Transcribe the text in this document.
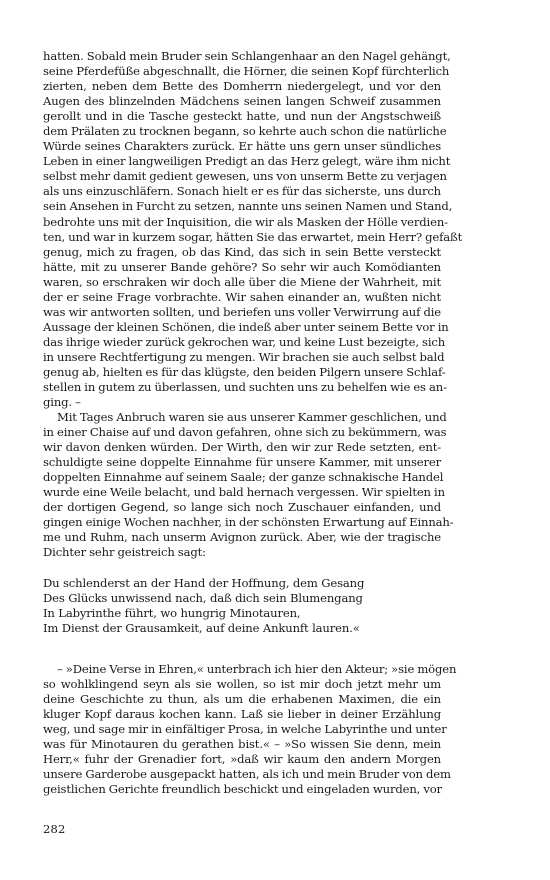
hatten. Sobald mein Bruder sein Schlangenhaar an den Nagel gehängt,
seine Pferdefüße abgeschnallt, die Hörner, die seinen Kopf fürchterlich
zierten, neben dem Bette des Domherrn niedergelegt, und vor den
Augen des blinzelnden Mädchens seinen langen Schweif zusammen
gerollt und in die Tasche gesteckt hatte, und nun der Angstschweiß
dem Prälaten zu trocknen begann, so kehrte auch schon die natürliche
Würde seines Charakters zurück. Er hätte uns gern unser sündliches
Leben in einer langweiligen Predigt an das Herz gelegt, wäre ihm nicht
selbst mehr damit gedient gewesen, uns von unserm Bette zu verjagen
als uns einzuschläfern. Sonach hielt er es für das sicherste, uns durch
sein Ansehen in Furcht zu setzen, nannte uns seinen Namen und Stand,
bedrohte uns mit der Inquisition, die wir als Masken der Hölle verdien-
ten, und war in kurzem sogar, hätten Sie das erwartet, mein Herr? gefaßt
genug, mich zu fragen, ob das Kind, das sich in sein Bette versteckt
hätte, mit zu unserer Bande gehöre? So sehr wir auch Komödianten
waren, so erschraken wir doch alle über die Miene der Wahrheit, mit
der er seine Frage vorbrachte. Wir sahen einander an, wußten nicht
was wir antworten sollten, und beriefen uns voller Verwirrung auf die
Aussage der kleinen Schönen, die indeß aber unter seinem Bette vor in
das ihrige wieder zurück gekrochen war, und keine Lust bezeigte, sich
in unsere Rechtfertigung zu mengen. Wir brachen sie auch selbst bald
genug ab, hielten es für das klügste, den beiden Pilgern unsere Schlaf-
stellen in gutem zu überlassen, und suchten uns zu behelfen wie es an-
ging. –
Mit Tages Anbruch waren sie aus unserer Kammer geschlichen, und
in einer Chaise auf und davon gefahren, ohne sich zu bekümmern, was
wir davon denken würden. Der Wirth, den wir zur Rede setzten, ent-
schuldigte seine doppelte Einnahme für unsere Kammer, mit unserer
doppelten Einnahme auf seinem Saale; der ganze schnakische Handel
wurde eine Weile belacht, und bald hernach vergessen. Wir spielten in
der dortigen Gegend, so lange sich noch Zuschauer einfanden, und
gingen einige Wochen nachher, in der schönsten Erwartung auf Einnah-
me und Ruhm, nach unserm Avignon zurück. Aber, wie der tragische
Dichter sehr geistreich sagt:
Du schlenderst an der Hand der Hoffnung, dem Gesang
Des Glücks unwissend nach, daß dich sein Blumengang
In Labyrinthe führt, wo hungrig Minotauren,
Im Dienst der Grausamkeit, auf deine Ankunft lauren.«
– »Deine Verse in Ehren,« unterbrach ich hier den Akteur; »sie mögen
so wohlklingend seyn als sie wollen, so ist mir doch jetzt mehr um
deine Geschichte zu thun, als um die erhabenen Maximen, die ein
kluger Kopf daraus kochen kann. Laß sie lieber in deiner Erzählung
weg, und sage mir in einfältiger Prosa, in welche Labyrinthe und unter
was für Minotauren du gerathen bist.« – »So wissen Sie denn, mein
Herr,« fuhr der Grenadier fort, »daß wir kaum den andern Morgen
unsere Garderobe ausgepackt hatten, als ich und mein Bruder von dem
geistlichen Gerichte freundlich beschickt und eingeladen wurden, vor
282
